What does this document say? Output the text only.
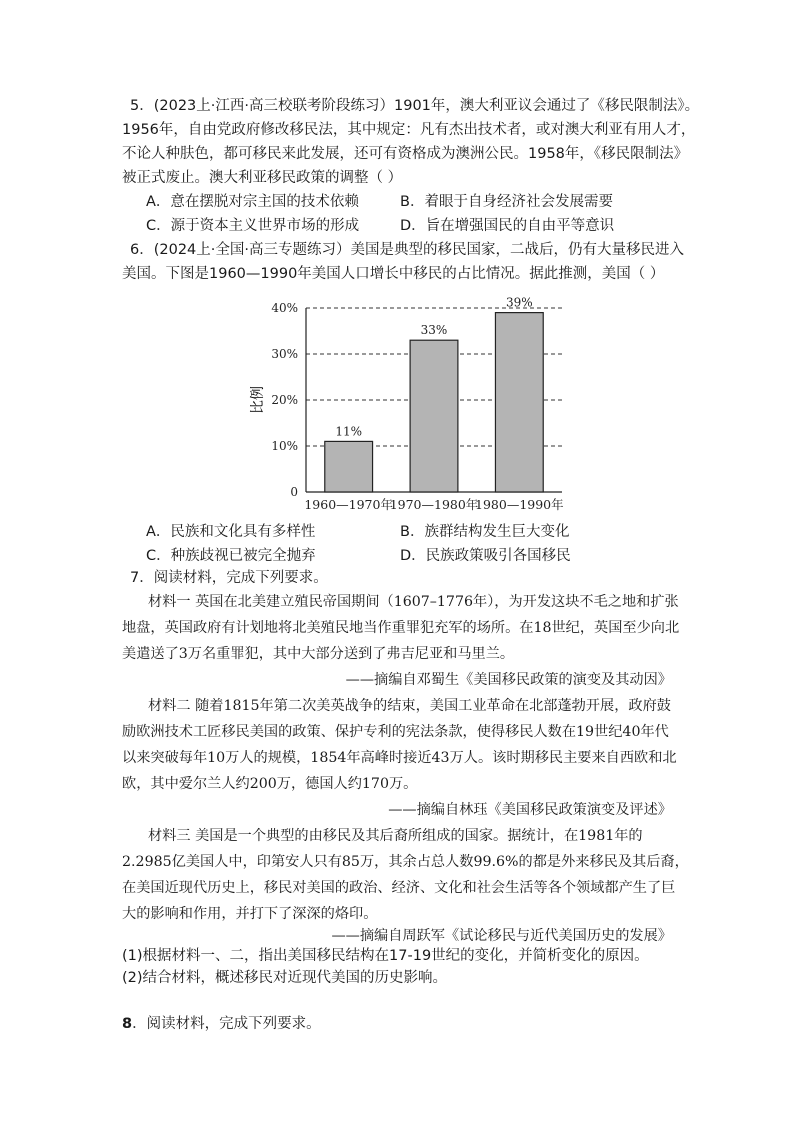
5．(2023上·江西·高三校联考阶段练习）1901年，澳大利亚议会通过了《移民限制法》。
1956年，自由党政府修改移民法，其中规定：凡有杰出技术者，或对澳大利亚有用人才，
不论人种肤色，都可移民来此发展，还可有资格成为澳洲公民。1958年，《移民限制法》
被正式废止。澳大利亚移民政策的调整（ ）
A．意在摆脱对宗主国的技术依赖	B．着眼于自身经济社会发展需要
C．源于资本主义世界市场的形成	D．旨在增强国民的自由平等意识
6．(2024上·全国·高三专题练习）美国是典型的移民国家，二战后，仍有大量移民进入
美国。下图是1960—1990年美国人口增长中移民的占比情况。据此推测，美国（ ）
0
10%
20%
30%
40%
11%
1960—1970年
33%
1970—1980年
39%
1980—1990年
比例
A．民族和文化具有多样性	B．族群结构发生巨大变化
C．种族歧视已被完全抛弃	D．民族政策吸引各国移民
7．阅读材料，完成下列要求。
材料一 英国在北美建立殖民帝国期间（1607–1776年），为开发这块不毛之地和扩张
地盘，英国政府有计划地将北美殖民地当作重罪犯充军的场所。在18世纪，英国至少向北
美遣送了3万名重罪犯，其中大部分送到了弗吉尼亚和马里兰。
——摘编自邓蜀生《美国移民政策的演变及其动因》
材料二 随着1815年第二次美英战争的结束，美国工业革命在北部蓬勃开展，政府鼓
励欧洲技术工匠移民美国的政策、保护专利的宪法条款，使得移民人数在19世纪40年代
以来突破每年10万人的规模，1854年高峰时接近43万人。该时期移民主要来自西欧和北
欧，其中爱尔兰人约200万，德国人约170万。
——摘编自林珏《美国移民政策演变及评述》
材料三 美国是一个典型的由移民及其后裔所组成的国家。据统计，在1981年的
2.2985亿美国人中，印第安人只有85万，其余占总人数99.6%的都是外来移民及其后裔，
在美国近现代历史上，移民对美国的政治、经济、文化和社会生活等各个领域都产生了巨
大的影响和作用，并打下了深深的烙印。
——摘编自周跃军《试论移民与近代美国历史的发展》
(1)根据材料一、二，指出美国移民结构在17-19世纪的变化，并简析变化的原因。
(2)结合材料，概述移民对近现代美国的历史影响。
8．阅读材料，完成下列要求。
